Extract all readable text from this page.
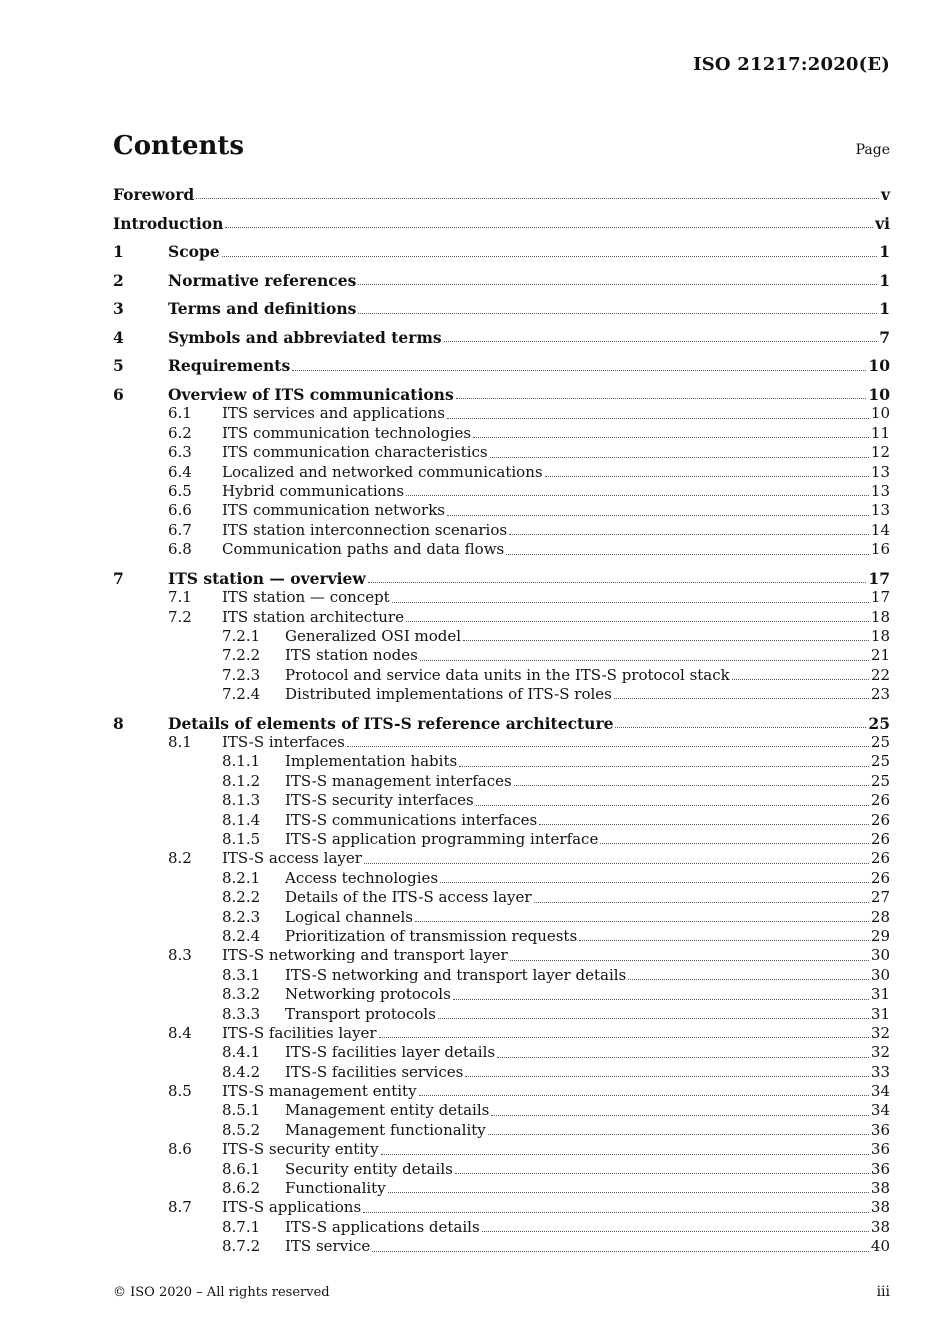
ISO 21217:2020(E)
Contents	Page
Foreword	v
Introduction	vi
1	Scope	1
2	Normative references	1
3	Terms and definitions	1
4	Symbols and abbreviated terms	7
5	Requirements	10
6	Overview of ITS communications	10
6.1 ITS services and applications	10
6.2 ITS communication technologies	11
6.3 ITS communication characteristics	12
6.4 Localized and networked communications	13
6.5 Hybrid communications	13
6.6 ITS communication networks	13
6.7 ITS station interconnection scenarios	14
6.8 Communication paths and data flows	16
7	ITS station — overview	17
7.1 ITS station — concept	17
7.2 ITS station architecture	18
7.2.1 Generalized OSI model	18
7.2.2 ITS station nodes	21
7.2.3 Protocol and service data units in the ITS-S protocol stack	22
7.2.4 Distributed implementations of ITS-S roles	23
8	Details of elements of ITS-S reference architecture	25
8.1 ITS-S interfaces	25
8.1.1 Implementation habits	25
8.1.2 ITS-S management interfaces	25
8.1.3 ITS-S security interfaces	26
8.1.4 ITS-S communications interfaces	26
8.1.5 ITS-S application programming interface	26
8.2 ITS-S access layer	26
8.2.1 Access technologies	26
8.2.2 Details of the ITS-S access layer	27
8.2.3 Logical channels	28
8.2.4 Prioritization of transmission requests	29
8.3 ITS-S networking and transport layer	30
8.3.1 ITS-S networking and transport layer details	30
8.3.2 Networking protocols	31
8.3.3 Transport protocols	31
8.4 ITS-S facilities layer	32
8.4.1 ITS-S facilities layer details	32
8.4.2 ITS-S facilities services	33
8.5 ITS-S management entity	34
8.5.1 Management entity details	34
8.5.2 Management functionality	36
8.6 ITS-S security entity	36
8.6.1 Security entity details	36
8.6.2 Functionality	38
8.7 ITS-S applications	38
8.7.1 ITS-S applications details	38
8.7.2 ITS service	40
© ISO 2020 – All rights reserved	iii
